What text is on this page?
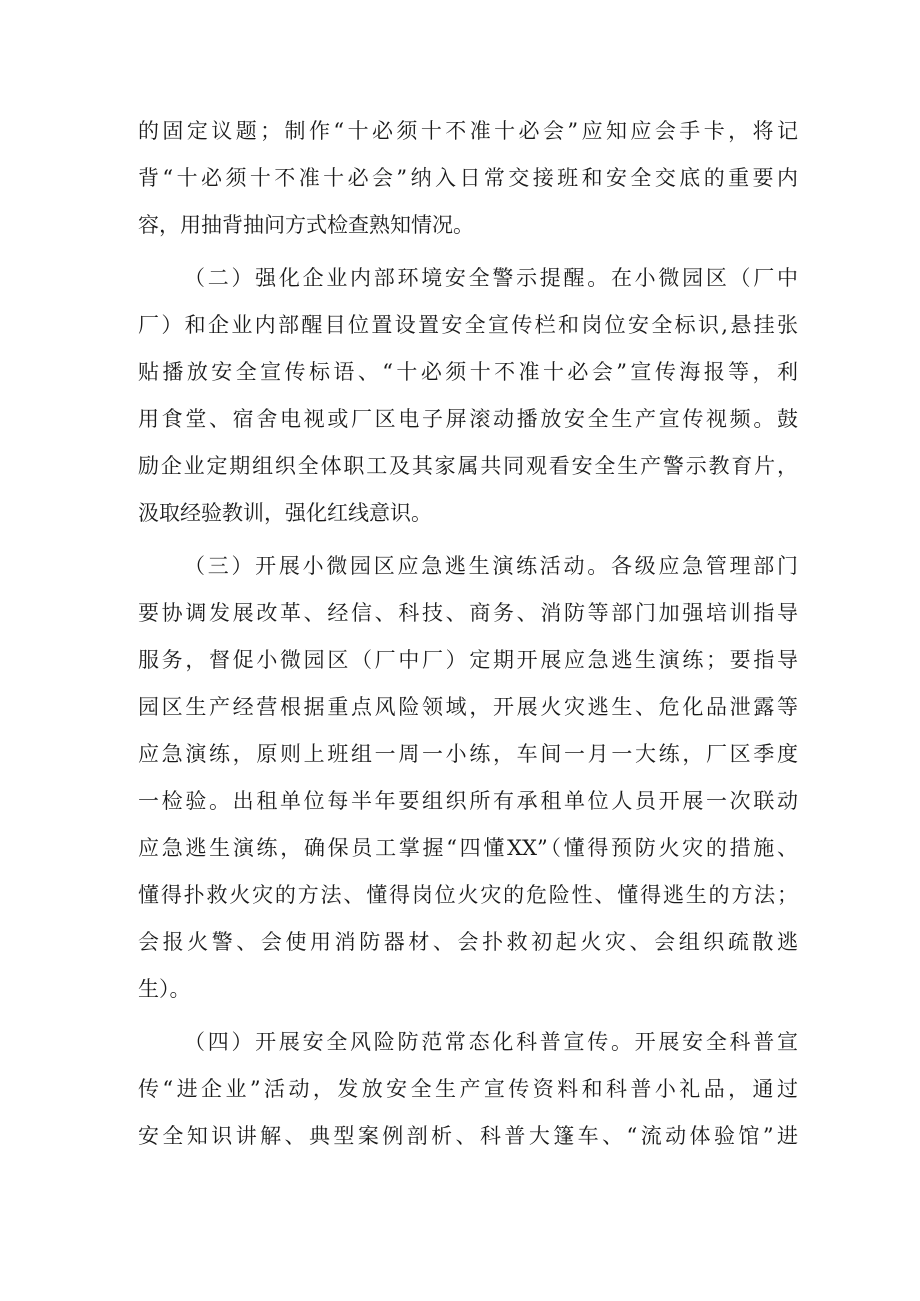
的固定议题；制作“十必须十不准十必会”应知应会手卡，将记
背“十必须十不准十必会”纳入日常交接班和安全交底的重要内
容，用抽背抽问方式检查熟知情况。
（二）强化企业内部环境安全警示提醒。在小微园区（厂中
厂）和企业内部醒目位置设置安全宣传栏和岗位安全标识,悬挂张
贴播放安全宣传标语、“十必须十不准十必会”宣传海报等，利
用食堂、宿舍电视或厂区电子屏滚动播放安全生产宣传视频。鼓
励企业定期组织全体职工及其家属共同观看安全生产警示教育片，
汲取经验教训，强化红线意识。
（三）开展小微园区应急逃生演练活动。各级应急管理部门
要协调发展改革、经信、科技、商务、消防等部门加强培训指导
服务，督促小微园区（厂中厂）定期开展应急逃生演练；要指导
园区生产经营根据重点风险领域，开展火灾逃生、危化品泄露等
应急演练，原则上班组一周一小练，车间一月一大练，厂区季度
一检验。出租单位每半年要组织所有承租单位人员开展一次联动
应急逃生演练，确保员工掌握“四懂XX”（懂得预防火灾的措施、
懂得扑救火灾的方法、懂得岗位火灾的危险性、懂得逃生的方法；
会报火警、会使用消防器材、会扑救初起火灾、会组织疏散逃
生）。
（四）开展安全风险防范常态化科普宣传。开展安全科普宣
传“进企业”活动，发放安全生产宣传资料和科普小礼品，通过
安全知识讲解、典型案例剖析、科普大篷车、“流动体验馆”进
